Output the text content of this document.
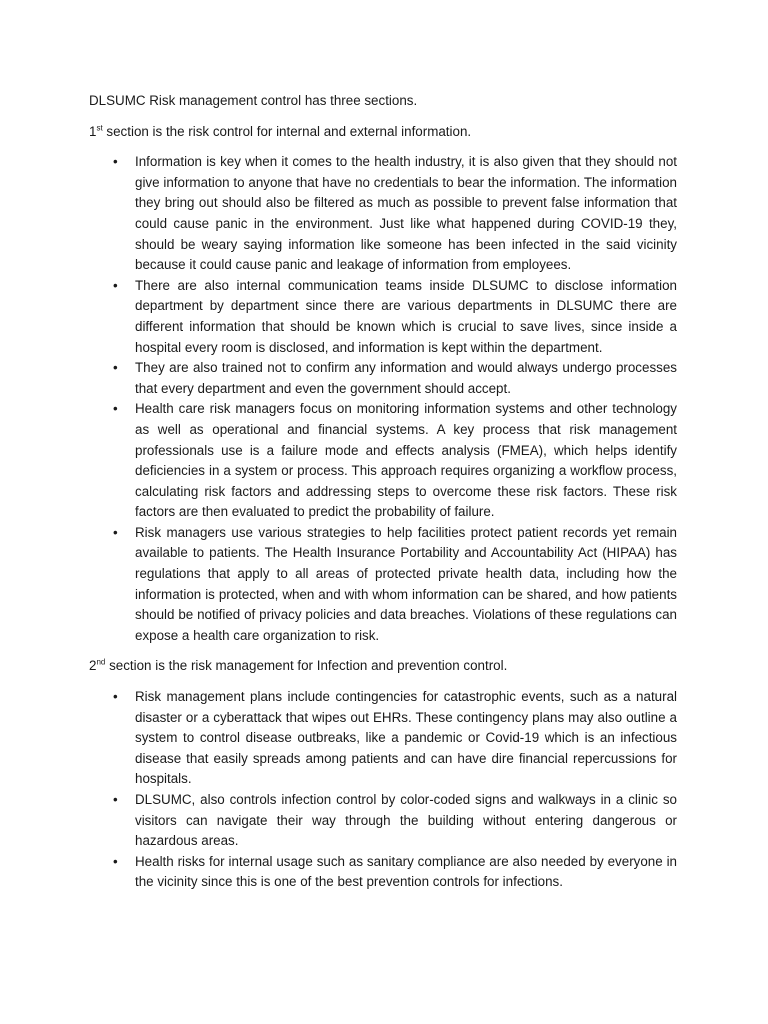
DLSUMC Risk management control has three sections.

1st section is the risk control for internal and external information.

• Information is key when it comes to the health industry, it is also given that they should not give information to anyone that have no credentials to bear the information. The information they bring out should also be filtered as much as possible to prevent false information that could cause panic in the environment. Just like what happened during COVID-19 they, should be weary saying information like someone has been infected in the said vicinity because it could cause panic and leakage of information from employees.
• There are also internal communication teams inside DLSUMC to disclose information department by department since there are various departments in DLSUMC there are different information that should be known which is crucial to save lives, since inside a hospital every room is disclosed, and information is kept within the department.
• They are also trained not to confirm any information and would always undergo processes that every department and even the government should accept.
• Health care risk managers focus on monitoring information systems and other technology as well as operational and financial systems. A key process that risk management professionals use is a failure mode and effects analysis (FMEA), which helps identify deficiencies in a system or process. This approach requires organizing a workflow process, calculating risk factors and addressing steps to overcome these risk factors. These risk factors are then evaluated to predict the probability of failure.
• Risk managers use various strategies to help facilities protect patient records yet remain available to patients. The Health Insurance Portability and Accountability Act (HIPAA) has regulations that apply to all areas of protected private health data, including how the information is protected, when and with whom information can be shared, and how patients should be notified of privacy policies and data breaches. Violations of these regulations can expose a health care organization to risk.

2nd section is the risk management for Infection and prevention control.

• Risk management plans include contingencies for catastrophic events, such as a natural disaster or a cyberattack that wipes out EHRs. These contingency plans may also outline a system to control disease outbreaks, like a pandemic or Covid-19 which is an infectious disease that easily spreads among patients and can have dire financial repercussions for hospitals.
• DLSUMC, also controls infection control by color-coded signs and walkways in a clinic so visitors can navigate their way through the building without entering dangerous or hazardous areas.
• Health risks for internal usage such as sanitary compliance are also needed by everyone in the vicinity since this is one of the best prevention controls for infections.
